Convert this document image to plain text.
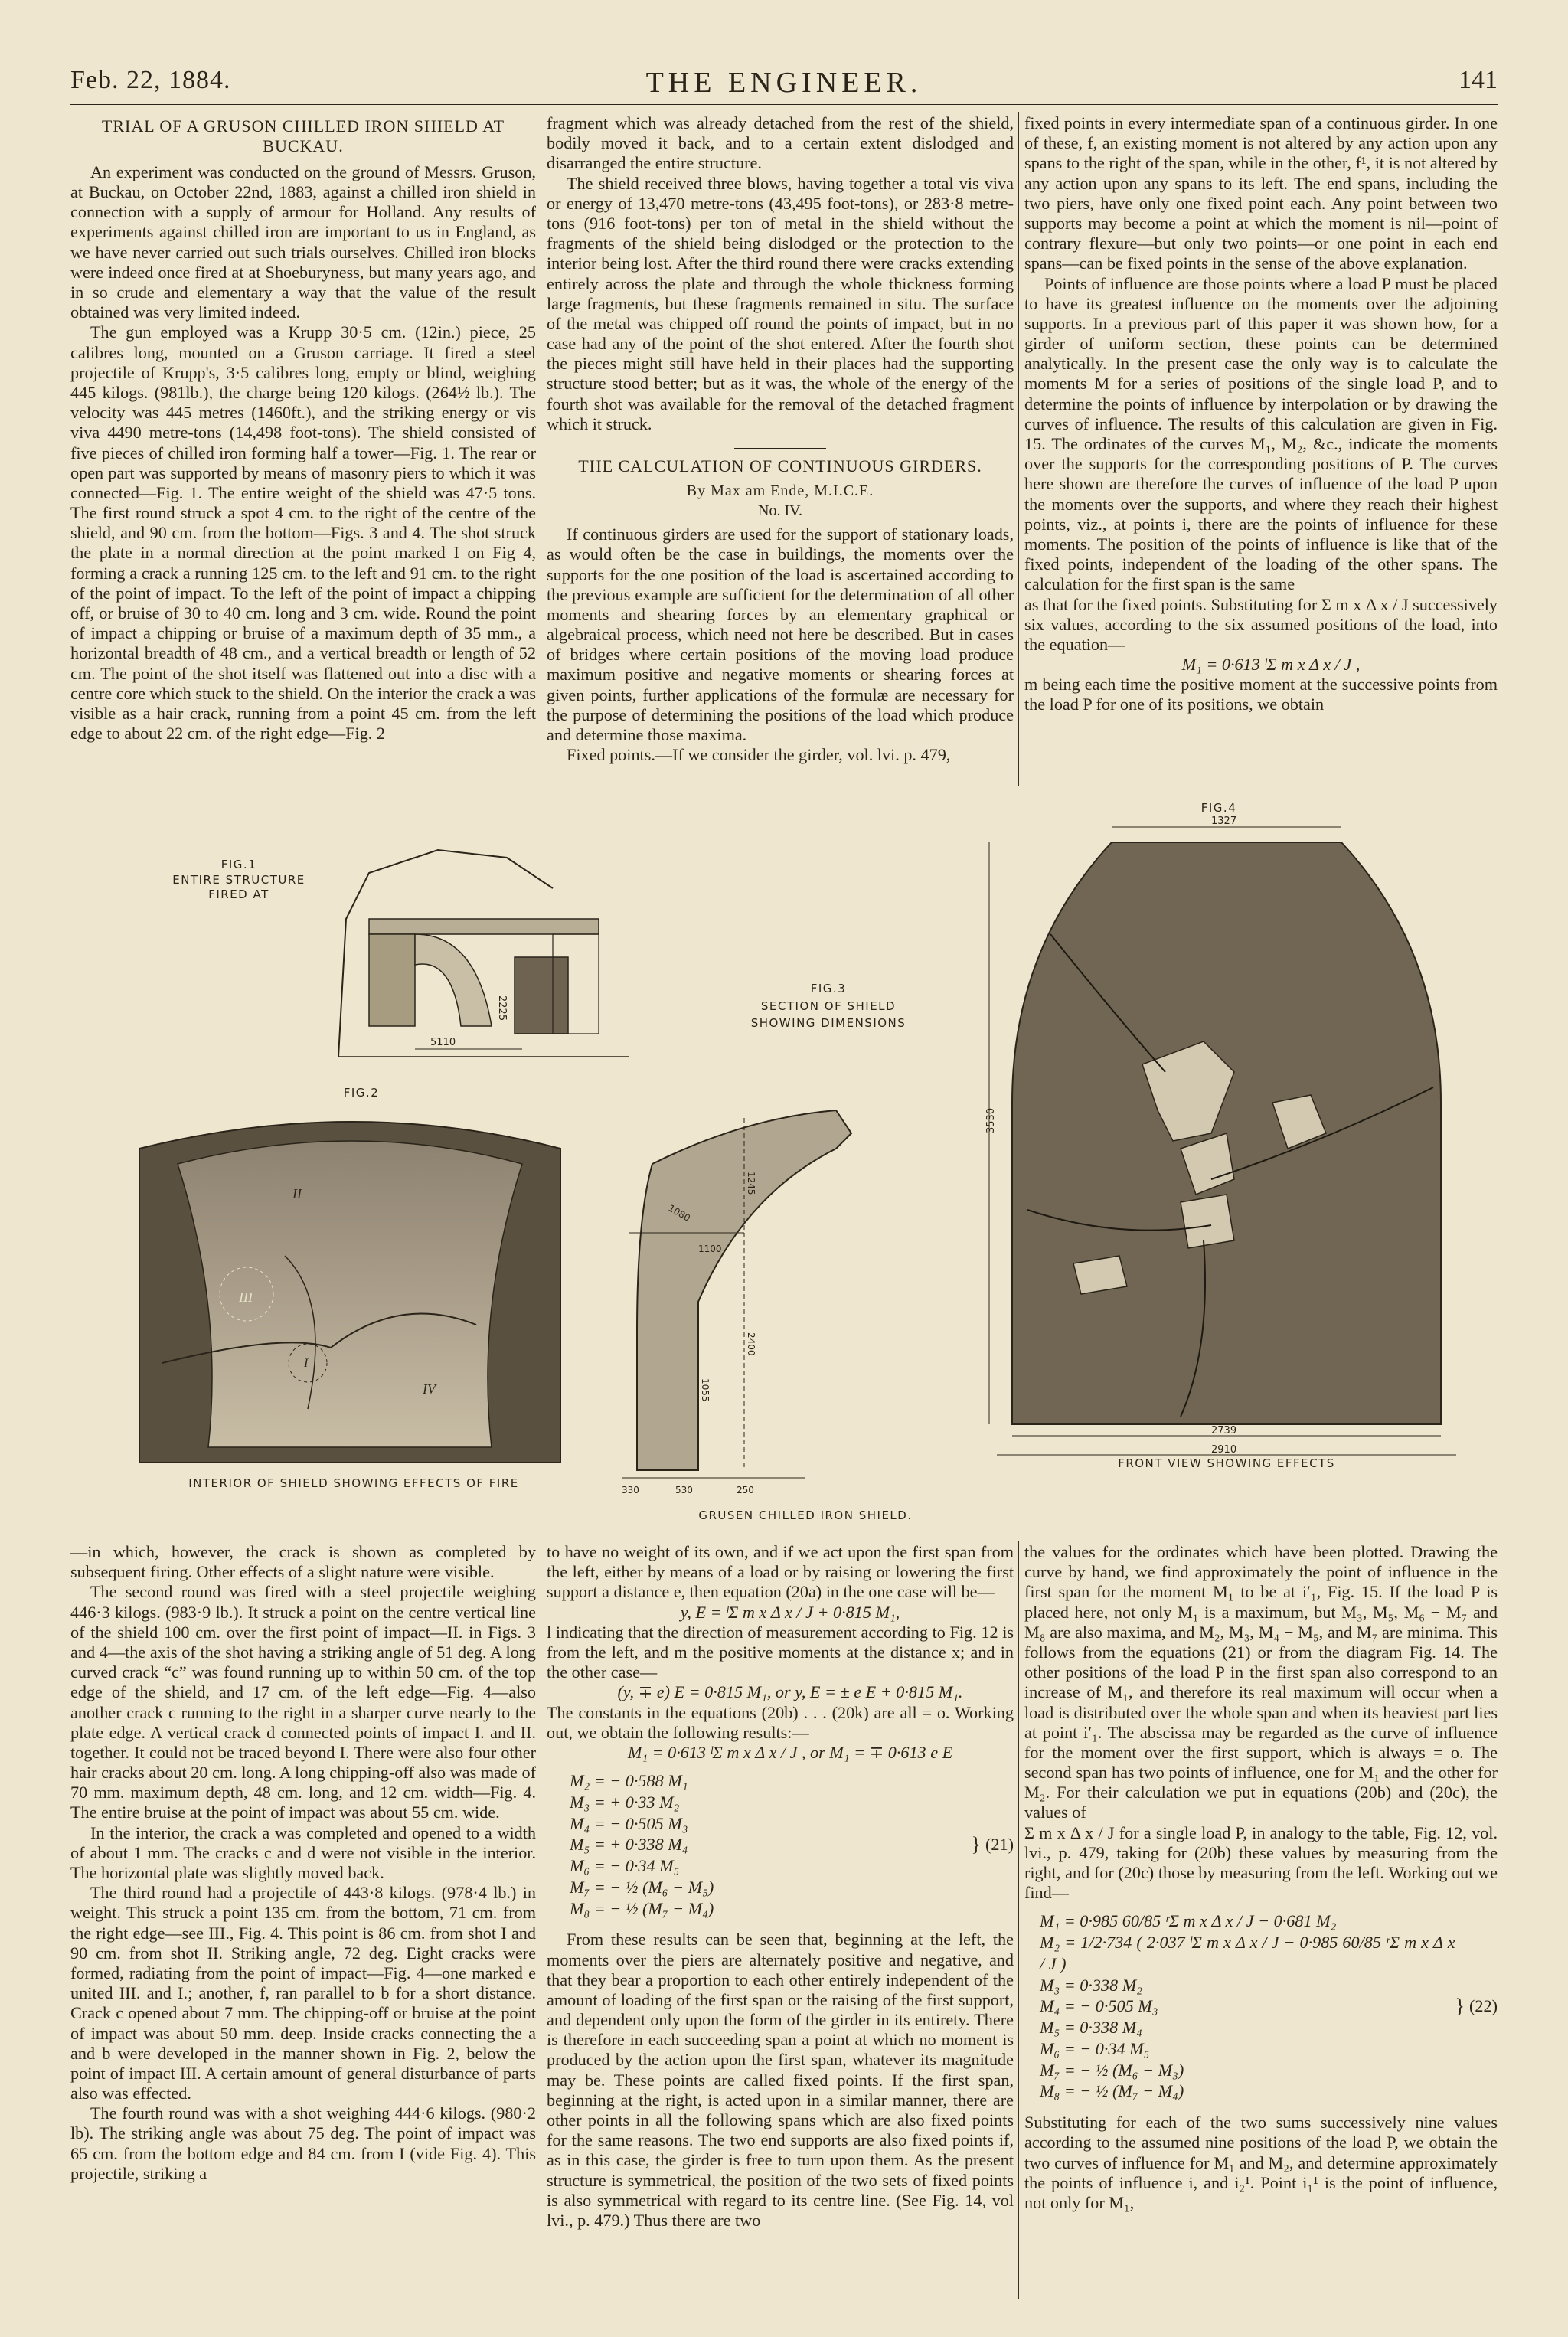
Feb. 22, 1884.	THE ENGINEER.	141
TRIAL OF A GRUSON CHILLED IRON SHIELD AT BUCKAU.

An experiment was conducted on the ground of Messrs. Gruson, at Buckau, on October 22nd, 1883, against a chilled iron shield in connection with a supply of armour for Holland. Any results of experiments against chilled iron are important to us in England, as we have never carried out such trials ourselves. Chilled iron blocks were indeed once fired at at Shoeburyness, but many years ago, and in so crude and elementary a way that the value of the result obtained was very limited indeed.

The gun employed was a Krupp 30·5 cm. (12in.) piece, 25 calibres long, mounted on a Gruson carriage. It fired a steel projectile of Krupp's, 3·5 calibres long, empty or blind, weighing 445 kilogs. (981lb.), the charge being 120 kilogs. (264½ lb.). The velocity was 445 metres (1460ft.), and the striking energy or vis viva 4490 metre-tons (14,498 foot-tons). The shield consisted of five pieces of chilled iron forming half a tower—Fig. 1. The rear or open part was supported by means of masonry piers to which it was connected—Fig. 1. The entire weight of the shield was 47·5 tons. The first round struck a spot 4 cm. to the right of the centre of the shield, and 90 cm. from the bottom—Figs. 3 and 4. The shot struck the plate in a normal direction at the point marked I on Fig 4, forming a crack a running 125 cm. to the left and 91 cm. to the right of the point of impact. To the left of the point of impact a chipping off, or bruise of 30 to 40 cm. long and 3 cm. wide. Round the point of impact a chipping or bruise of a maximum depth of 35 mm., a horizontal breadth of 48 cm., and a vertical breadth or length of 52 cm. The point of the shot itself was flattened out into a disc with a centre core which stuck to the shield. On the interior the crack a was visible as a hair crack, running from a point 45 cm. from the left edge to about 22 cm. of the right edge—Fig. 2

fragment which was already detached from the rest of the shield, bodily moved it back, and to a certain extent dislodged and disarranged the entire structure.

The shield received three blows, having together a total vis viva or energy of 13,470 metre-tons (43,495 foot-tons), or 283·8 metre-tons (916 foot-tons) per ton of metal in the shield without the fragments of the shield being dislodged or the protection to the interior being lost. After the third round there were cracks extending entirely across the plate and through the whole thickness forming large fragments, but these fragments remained in situ. The surface of the metal was chipped off round the points of impact, but in no case had any of the point of the shot entered. After the fourth shot the pieces might still have held in their places had the supporting structure stood better; but as it was, the whole of the energy of the fourth shot was available for the removal of the detached fragment which it struck.

THE CALCULATION OF CONTINUOUS GIRDERS.

By Max am Ende, M.I.C.E.

No. IV.

If continuous girders are used for the support of stationary loads, as would often be the case in buildings, the moments over the supports for the one position of the load is ascertained according to the previous example are sufficient for the determination of all other moments and shearing forces by an elementary graphical or algebraical process, which need not here be described. But in cases of bridges where certain positions of the moving load produce maximum positive and negative moments or shearing forces at given points, further applications of the formulæ are necessary for the purpose of determining the positions of the load which produce and determine those maxima.

Fixed points.—If we consider the girder, vol. lvi. p. 479,

fixed points in every intermediate span of a continuous girder. In one of these, f, an existing moment is not altered by any action upon any spans to the right of the span, while in the other, f¹, it is not altered by any action upon any spans to its left. The end spans, including the two piers, have only one fixed point each. Any point between two supports may become a point at which the moment is nil—point of contrary flexure—but only two points—or one point in each end spans—can be fixed points in the sense of the above explanation.

Points of influence are those points where a load P must be placed to have its greatest influence on the moments over the adjoining supports. In a previous part of this paper it was shown how, for a girder of uniform section, these points can be determined analytically. In the present case the only way is to calculate the moments M for a series of positions of the single load P, and to determine the points of influence by interpolation or by drawing the curves of influence. The results of this calculation are given in Fig. 15. The ordinates of the curves M₁, M₂, &c., indicate the moments over the supports for the corresponding positions of P. The curves here shown are therefore the curves of influence of the load P upon the moments over the supports, and where they reach their highest points, viz., at points i, there are the points of influence for these moments. The position of the points of influence is like that of the fixed points, independent of the loading of the other spans. The calculation for the first span is the same

as that for the fixed points. Substituting for Σ m x Δ x / J successively six values, according to the six assumed positions of the load, into the equation—

M₁ = 0·613 ˡΣ m x Δ x / J ,

m being each time the positive moment at the successive points from the load P for one of its positions, we obtain

5110
2225
FIG.1
ENTIRE STRUCTURE
FIRED AT
FIG.2
II
III
I
IV
INTERIOR OF SHIELD SHOWING EFFECTS OF FIRE
FIG.3
SECTION OF SHIELD
SHOWING DIMENSIONS
1245
1080
1100
2400
1055
330	530	250
GRUSEN CHILLED IRON SHIELD.
FIG.4
1327
3530
2739
2910
FRONT VIEW SHOWING EFFECTS

—in which, however, the crack is shown as completed by subsequent firing. Other effects of a slight nature were visible.

The second round was fired with a steel projectile weighing 446·3 kilogs. (983·9 lb.). It struck a point on the centre vertical line of the shield 100 cm. over the first point of impact—II. in Figs. 3 and 4—the axis of the shot having a striking angle of 51 deg. A long curved crack “c” was found running up to within 50 cm. of the top edge of the shield, and 17 cm. of the left edge—Fig. 4—also another crack c running to the right in a sharper curve nearly to the plate edge. A vertical crack d connected points of impact I. and II. together. It could not be traced beyond I. There were also four other hair cracks about 20 cm. long. A long chipping-off also was made of 70 mm. maximum depth, 48 cm. long, and 12 cm. width—Fig. 4. The entire bruise at the point of impact was about 55 cm. wide.

In the interior, the crack a was completed and opened to a width of about 1 mm. The cracks c and d were not visible in the interior. The horizontal plate was slightly moved back.

The third round had a projectile of 443·8 kilogs. (978·4 lb.) in weight. This struck a point 135 cm. from the bottom, 71 cm. from the right edge—see III., Fig. 4. This point is 86 cm. from shot I and 90 cm. from shot II. Striking angle, 72 deg. Eight cracks were formed, radiating from the point of impact—Fig. 4—one marked e united III. and I.; another, f, ran parallel to b for a short distance. Crack c opened about 7 mm. The chipping-off or bruise at the point of impact was about 50 mm. deep. Inside cracks connecting the a and b were developed in the manner shown in Fig. 2, below the point of impact III. A certain amount of general disturbance of parts also was effected.

The fourth round was with a shot weighing 444·6 kilogs. (980·2 lb). The striking angle was about 75 deg. The point of impact was 65 cm. from the bottom edge and 84 cm. from I (vide Fig. 4). This projectile, striking a

to have no weight of its own, and if we act upon the first span from the left, either by means of a load or by raising or lowering the first support a distance e, then equation (20a) in the one case will be—

y, E = ˡΣ m x Δ x / J + 0·815 M₁,

l indicating that the direction of measurement according to Fig. 12 is from the left, and m the positive moments at the distance x; and in the other case—

(y, ∓ e) E = 0·815 M₁, or y, E = ± e E + 0·815 M₁.

The constants in the equations (20b) . . . (20k) are all = o. Working out, we obtain the following results:—

M₁ = 0·613 ˡΣ m x Δ x / J , or M₁ = ∓ 0·613 e E

M₂ = − 0·588 M₁
M₃ = + 0·33 M₂
M₄ = − 0·505 M₃
M₅ = + 0·338 M₄
M₆ = − 0·34 M₅
M₇ = − ½ (M₆ − M₅)
M₈ = − ½ (M₇ − M₄)
} (21)

From these results can be seen that, beginning at the left, the moments over the piers are alternately positive and negative, and that they bear a proportion to each other entirely independent of the amount of loading of the first span or the raising of the first support, and dependent only upon the form of the girder in its entirety. There is therefore in each succeeding span a point at which no moment is produced by the action upon the first span, whatever its magnitude may be. These points are called fixed points. If the first span, beginning at the right, is acted upon in a similar manner, there are other points in all the following spans which are also fixed points for the same reasons. The two end supports are also fixed points if, as in this case, the girder is free to turn upon them. As the present structure is symmetrical, the position of the two sets of fixed points is also symmetrical with regard to its centre line. (See Fig. 14, vol lvi., p. 479.) Thus there are two

the values for the ordinates which have been plotted. Drawing the curve by hand, we find approximately the point of influence in the first span for the moment M₁ to be at i′₁, Fig. 15. If the load P is placed here, not only M₁ is a maximum, but M₃, M₅, M₆ − M₇ and M₈ are also maxima, and M₂, M₃, M₄ − M₅, and M₇ are minima. This follows from the equations (21) or from the diagram Fig. 14. The other positions of the load P in the first span also correspond to an increase of M₁, and therefore its real maximum will occur when a load is distributed over the whole span and when its heaviest part lies at point i′₁. The abscissa may be regarded as the curve of influence for the moment over the first support, which is always = o. The second span has two points of influence, one for M₁ and the other for M₂. For their calculation we put in equations (20b) and (20c), the values of

Σ m x Δ x / J for a single load P, in analogy to the table, Fig. 12, vol. lvi., p. 479, taking for (20b) these values by measuring from the right, and for (20c) those by measuring from the left. Working out we find—

M₁ = 0·985 60/85 ʳΣ m x Δ x / J − 0·681 M₂
M₂ = 1/2·734 ( 2·037 ˡΣ m x Δ x / J − 0·985 60/85 ʳΣ m x Δ x / J )
M₃ = 0·338 M₂
M₄ = − 0·505 M₃
M₅ = 0·338 M₄
M₆ = − 0·34 M₅
M₇ = − ½ (M₆ − M₃)
M₈ = − ½ (M₇ − M₄)
} (22)

Substituting for each of the two sums successively nine values according to the assumed nine positions of the load P, we obtain the two curves of influence for M₁ and M₂, and determine approximately the points of influence i, and i₂¹. Point i₁¹ is the point of influence, not only for M₁,
